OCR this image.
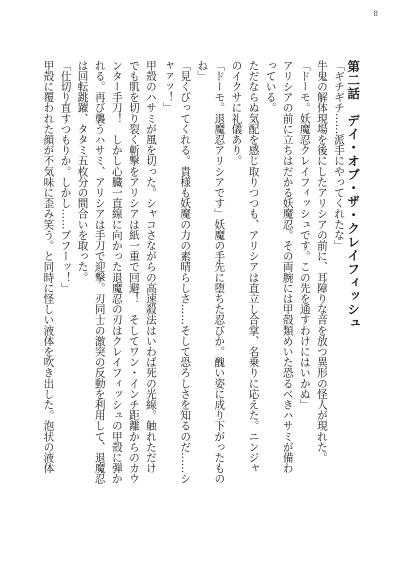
8
第二話　デイ・オブ・ザ・クレイフィッシュ

「ギチギチ……派手にやってくれたな」

牛鬼の解体現場を後にしたアリシアの前に、耳障りな音を放つ異形の怪人が現れた。

「ドーモ。妖魔忍クレイフィッシュです。この先を通すわけにはいかぬ」

アリシアの前に立ちはだかる妖魔忍。その両腕には甲殻類めいた恐るべきハサミが備わ

っている。

ただならぬ気配を感じ取りつつも、アリシアは直立し合掌、名乗りに応えた。ニンジャ

のイクサに礼儀あり。

「ドーモ。退魔忍アリシアです」妖魔の手先に堕ちた忍びか。醜い姿に成り下がったもの

ね」

「見くびってくれる。貴様も妖魔の力の素晴らしさ……そして恐ろしさを知るのだ……シ

ャァッ！」

甲殻のハサミが風を切った。シャコさながらの高速殺法はいわば死の光線。触れただけ

でも肌を切り裂く斬撃をアリシアは紙一重で回避！　そしてワン・インチ距離からのカウ

ンター手刀！　しかし心臓一直線に向かった退魔忍の刃はクレイフィッシュの甲殻に弾か

れる。再び襲うハサミ、アリシアは手刀で迎撃。刃同士の激突の反動を利用して、退魔忍

は回転跳躍、タタミ五枚分の間合いを取った。

「仕切り直すつもりか。しかし……ブフーッ！」

甲殻に覆われた顔が不気味に歪み笑う。と同時に怪しい液体を吹き出した。泡状の液体
